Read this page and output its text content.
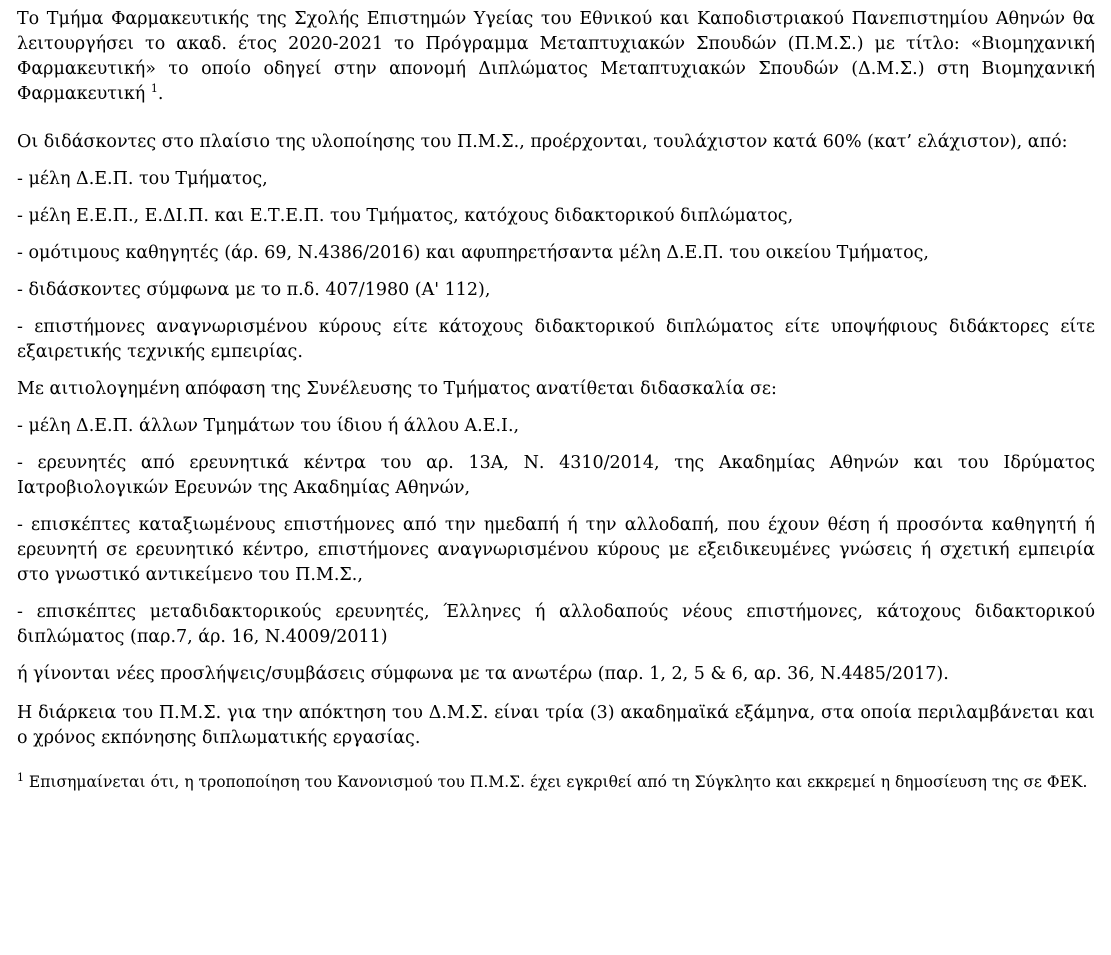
Το Τμήμα Φαρμακευτικής της Σχολής Επιστημών Υγείας του Εθνικού και Καποδιστριακού Πανεπιστημίου Αθηνών θα λειτουργήσει το ακαδ. έτος 2020-2021 το Πρόγραμμα Μεταπτυχιακών Σπουδών (Π.Μ.Σ.) με τίτλο: «Βιομηχανική Φαρμακευτική» το οποίο οδηγεί στην απονομή Διπλώματος Μεταπτυχιακών Σπουδών (Δ.Μ.Σ.) στη Βιομηχανική Φαρμακευτική $^1$.

Οι διδάσκοντες στο πλαίσιο της υλοποίησης του Π.Μ.Σ., προέρχονται, τουλάχιστον κατά 60% (κατ’ ελάχιστον), από:

- μέλη Δ.Ε.Π. του Τμήματος,

- μέλη Ε.Ε.Π., Ε.ΔΙ.Π. και Ε.Τ.Ε.Π. του Τμήματος, κατόχους διδακτορικού διπλώματος,

- ομότιμους καθηγητές (άρ. 69, Ν.4386/2016) και αφυπηρετήσαντα μέλη Δ.Ε.Π. του οικείου Τμήματος,

- διδάσκοντες σύμφωνα με το π.δ. 407/1980 (Α' 112),

- επιστήμονες αναγνωρισμένου κύρους είτε κάτοχους διδακτορικού διπλώματος είτε υποψήφιους διδάκτορες είτε εξαιρετικής τεχνικής εμπειρίας.

Με αιτιολογημένη απόφαση της Συνέλευσης το Τμήματος ανατίθεται διδασκαλία σε:

- μέλη Δ.Ε.Π. άλλων Τμημάτων του ίδιου ή άλλου Α.Ε.Ι.,

- ερευνητές από ερευνητικά κέντρα του αρ. 13Α, Ν. 4310/2014, της Ακαδημίας Αθηνών και του Ιδρύματος Ιατροβιολογικών Ερευνών της Ακαδημίας Αθηνών,

- επισκέπτες καταξιωμένους επιστήμονες από την ημεδαπή ή την αλλοδαπή, που έχουν θέση ή προσόντα καθηγητή ή ερευνητή σε ερευνητικό κέντρο, επιστήμονες αναγνωρισμένου κύρους με εξειδικευμένες γνώσεις ή σχετική εμπειρία στο γνωστικό αντικείμενο του Π.Μ.Σ.,

- επισκέπτες μεταδιδακτορικούς ερευνητές, Έλληνες ή αλλοδαπούς νέους επιστήμονες, κάτοχους διδακτορικού διπλώματος (παρ.7, άρ. 16, Ν.4009/2011)

ή γίνονται νέες προσλήψεις/συμβάσεις σύμφωνα με τα ανωτέρω (παρ. 1, 2, 5 & 6, αρ. 36, Ν.4485/2017).

Η διάρκεια του Π.Μ.Σ. για την απόκτηση του Δ.Μ.Σ. είναι τρία (3) ακαδημαϊκά εξάμηνα, στα οποία περιλαμβάνεται και ο χρόνος εκπόνησης διπλωματικής εργασίας.

$^1$ Επισημαίνεται ότι, η τροποποίηση του Κανονισμού του Π.Μ.Σ. έχει εγκριθεί από τη Σύγκλητο και εκκρεμεί η δημοσίευση της σε ΦΕΚ.
